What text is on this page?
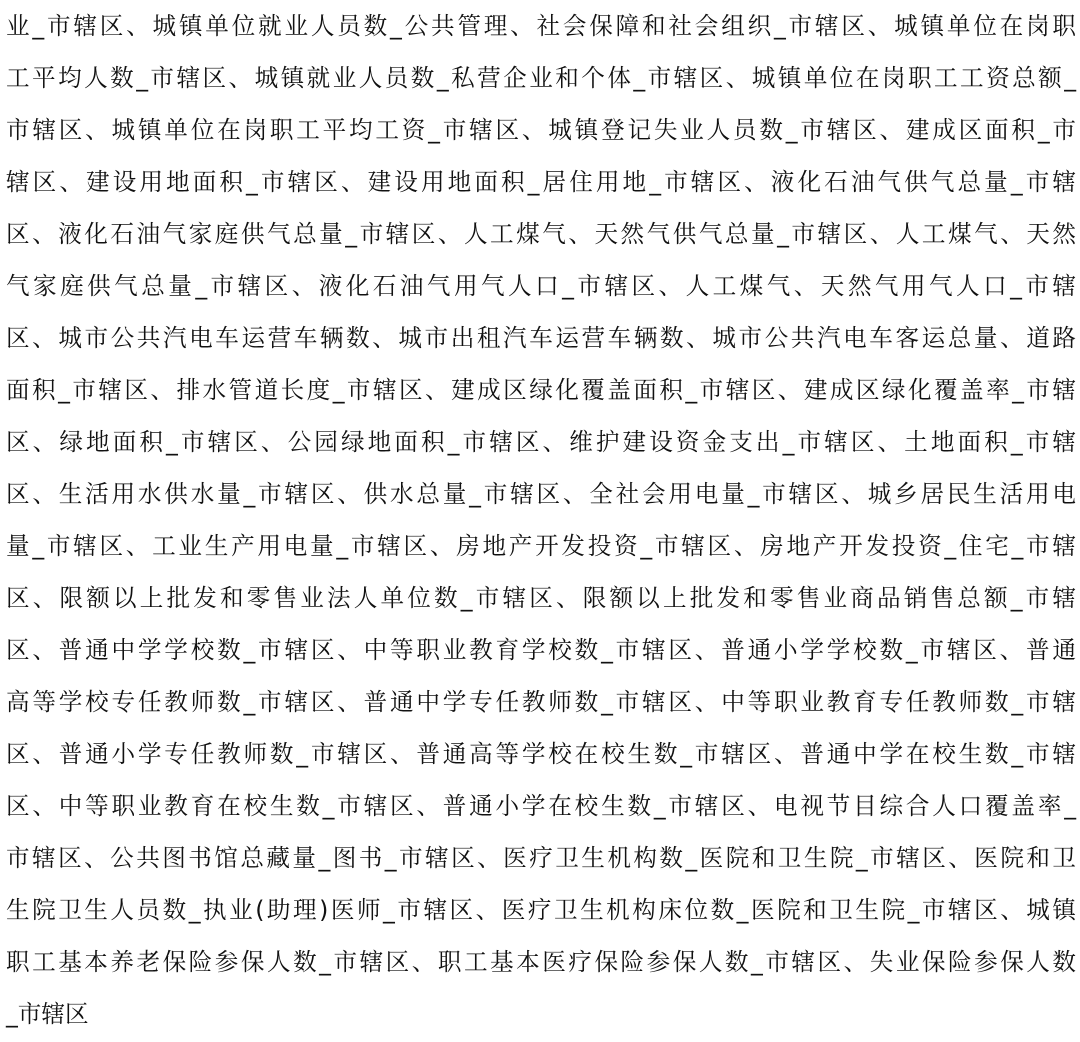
业_市辖区、城镇单位就业人员数_公共管理、社会保障和社会组织_市辖区、城镇单位在岗职
工平均人数_市辖区、城镇就业人员数_私营企业和个体_市辖区、城镇单位在岗职工工资总额_
市辖区、城镇单位在岗职工平均工资_市辖区、城镇登记失业人员数_市辖区、建成区面积_市
辖区、建设用地面积_市辖区、建设用地面积_居住用地_市辖区、液化石油气供气总量_市辖
区、液化石油气家庭供气总量_市辖区、人工煤气、天然气供气总量_市辖区、人工煤气、天然
气家庭供气总量_市辖区、液化石油气用气人口_市辖区、人工煤气、天然气用气人口_市辖
区、城市公共汽电车运营车辆数、城市出租汽车运营车辆数、城市公共汽电车客运总量、道路
面积_市辖区、排水管道长度_市辖区、建成区绿化覆盖面积_市辖区、建成区绿化覆盖率_市辖
区、绿地面积_市辖区、公园绿地面积_市辖区、维护建设资金支出_市辖区、土地面积_市辖
区、生活用水供水量_市辖区、供水总量_市辖区、全社会用电量_市辖区、城乡居民生活用电
量_市辖区、工业生产用电量_市辖区、房地产开发投资_市辖区、房地产开发投资_住宅_市辖
区、限额以上批发和零售业法人单位数_市辖区、限额以上批发和零售业商品销售总额_市辖
区、普通中学学校数_市辖区、中等职业教育学校数_市辖区、普通小学学校数_市辖区、普通
高等学校专任教师数_市辖区、普通中学专任教师数_市辖区、中等职业教育专任教师数_市辖
区、普通小学专任教师数_市辖区、普通高等学校在校生数_市辖区、普通中学在校生数_市辖
区、中等职业教育在校生数_市辖区、普通小学在校生数_市辖区、电视节目综合人口覆盖率_
市辖区、公共图书馆总藏量_图书_市辖区、医疗卫生机构数_医院和卫生院_市辖区、医院和卫
生院卫生人员数_执业(助理)医师_市辖区、医疗卫生机构床位数_医院和卫生院_市辖区、城镇
职工基本养老保险参保人数_市辖区、职工基本医疗保险参保人数_市辖区、失业保险参保人数
_市辖区
